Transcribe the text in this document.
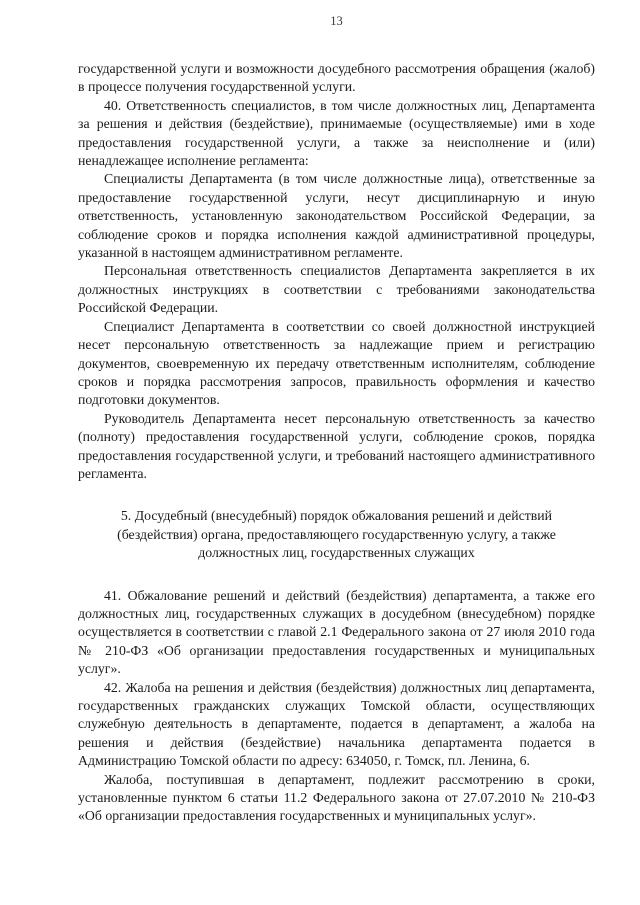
13

государственной услуги и возможности досудебного рассмотрения обращения (жалоб) в процессе получения государственной услуги.

40. Ответственность специалистов, в том числе должностных лиц, Департамента за решения и действия (бездействие), принимаемые (осуществляемые) ими в ходе предоставления государственной услуги, а также за неисполнение и (или) ненадлежащее исполнение регламента:

Специалисты Департамента (в том числе должностные лица), ответственные за предоставление государственной услуги, несут дисциплинарную и иную ответственность, установленную законодательством Российской Федерации, за соблюдение сроков и порядка исполнения каждой административной процедуры, указанной в настоящем административном регламенте.

Персональная ответственность специалистов Департамента закрепляется в их должностных инструкциях в соответствии с требованиями законодательства Российской Федерации.

Специалист Департамента в соответствии со своей должностной инструкцией несет персональную ответственность за надлежащие прием и регистрацию документов, своевременную их передачу ответственным исполнителям, соблюдение сроков и порядка рассмотрения запросов, правильность оформления и качество подготовки документов.

Руководитель Департамента несет персональную ответственность за качество (полноту) предоставления государственной услуги, соблюдение сроков, порядка предоставления государственной услуги, и требований настоящего административного регламента.

5. Досудебный (внесудебный) порядок обжалования решений и действий
(бездействия) органа, предоставляющего государственную услугу, а также
должностных лиц, государственных служащих

41. Обжалование решений и действий (бездействия) департамента, а также его должностных лиц, государственных служащих в досудебном (внесудебном) порядке осуществляется в соответствии с главой 2.1 Федерального закона от 27 июля 2010 года № 210-ФЗ «Об организации предоставления государственных и муниципальных услуг».

42. Жалоба на решения и действия (бездействия) должностных лиц департамента, государственных гражданских служащих Томской области, осуществляющих служебную деятельность в департаменте, подается в департамент, а жалоба на решения и действия (бездействие) начальника департамента подается в Администрацию Томской области по адресу: 634050, г. Томск, пл. Ленина, 6.

Жалоба, поступившая в департамент, подлежит рассмотрению в сроки, установленные пунктом 6 статьи 11.2 Федерального закона от 27.07.2010 № 210-ФЗ «Об организации предоставления государственных и муниципальных услуг».
